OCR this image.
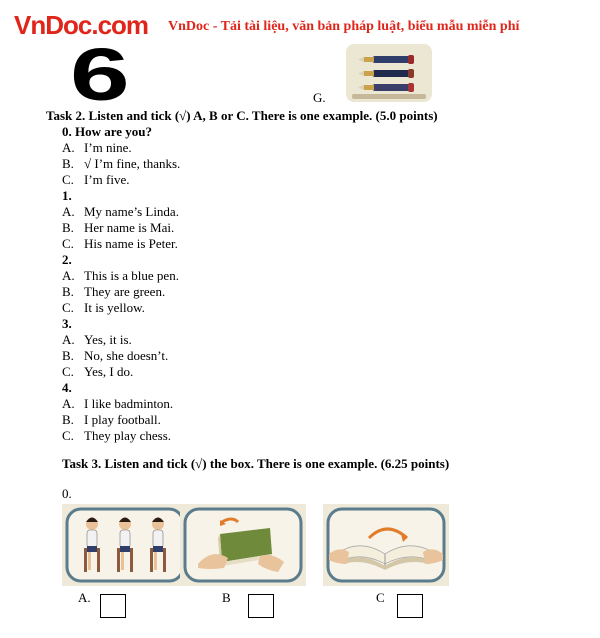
VnDoc.com VnDoc - Tải tài liệu, văn bản pháp luật, biểu mẫu miễn phí
6	G.
Task 2. Listen and tick (√) A, B or C. There is one example. (5.0 points)
0. How are you?
A. I’m nine.
B. √ I’m fine, thanks.
C. I’m five.
1.
A. My name’s Linda.
B. Her name is Mai.
C. His name is Peter.
2.
A. This is a blue pen.
B. They are green.
C. It is yellow.
3.
A. Yes, it is.
B. No, she doesn’t.
C. Yes, I do.
4.
A. I like badminton.
B. I play football.
C. They play chess.
Task 3. Listen and tick (√) the box. There is one example. (6.25 points)
0.
A.	B	C
